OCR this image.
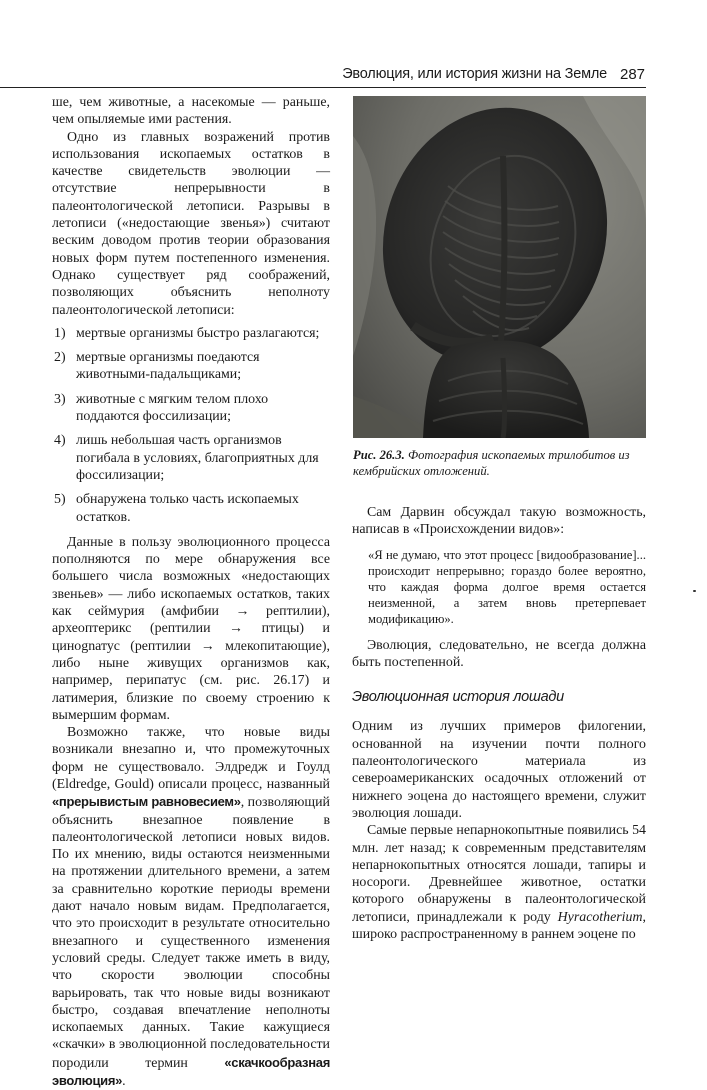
Эволюция, или история жизни на Земле 287

ше, чем животные, а насекомые — раньше, чем опыляемые ими растения.

Одно из главных возражений против использования ископаемых остатков в качестве свидетельств эволюции — отсутствие непрерывности в палеонтологической летописи. Разрывы в летописи («недостающие звенья») считают веским доводом против теории образования новых форм путем постепенного изменения. Однако существует ряд соображений, позволяющих объяснить неполноту палеонтологической летописи:

1) мертвые организмы быстро разлагаются;
2) мертвые организмы поедаются животными-падальщиками;
3) животные с мягким телом плохо поддаются фоссилизации;
4) лишь небольшая часть организмов погибала в условиях, благоприятных для фоссилизации;
5) обнаружена только часть ископаемых остатков.

Данные в пользу эволюционного процесса пополняются по мере обнаружения все большего числа возможных «недостающих звеньев» — либо ископаемых остатков, таких как сеймурия (амфибии → рептилии), археоптерикс (рептилии → птицы) и цинognатус (рептилии → млекопитающие), либо ныне живущих организмов как, например, перипатус (см. рис. 26.17) и латимерия, близкие по своему строению к вымершим формам.

Возможно также, что новые виды возникали внезапно и, что промежуточных форм не существовало. Элдредж и Гоулд (Eldredge, Gould) описали процесс, названный «прерывистым равновесием», позволяющий объяснить внезапное появление в палеонтологической летописи новых видов. По их мнению, виды остаются неизменными на протяжении длительного времени, а затем за сравнительно короткие периоды времени дают начало новым видам. Предполагается, что это происходит в результате относительно внезапного и существенного изменения условий среды. Следует также иметь в виду, что скорости эволюции способны варьировать, так что новые виды возникают быстро, создавая впечатление неполноты ископаемых данных. Такие кажущиеся «скачки» в эволюционной последовательности породили термин «скачкообразная эволюция».

Рис. 26.3. Фотография ископаемых трилобитов из кембрийских отложений.

Сам Дарвин обсуждал такую возможность, написав в «Происхождении видов»:

«Я не думаю, что этот процесс [видообразование]... происходит непрерывно; гораздо более вероятно, что каждая форма долгое время остается неизменной, а затем вновь претерпевает модификацию».

Эволюция, следовательно, не всегда должна быть постепенной.

Эволюционная история лошади

Одним из лучших примеров филогении, основанной на изучении почти полного палеонтологического материала из североамериканских осадочных отложений от нижнего эоцена до настоящего времени, служит эволюция лошади.

Самые первые непарнокопытные появились 54 млн. лет назад; к современным представителям непарнокопытных относятся лошади, тапиры и носороги. Древнейшее животное, остатки которого обнаружены в палеонтологической летописи, принадлежали к роду Hyracotherium, широко распространенному в раннем эоцене по
